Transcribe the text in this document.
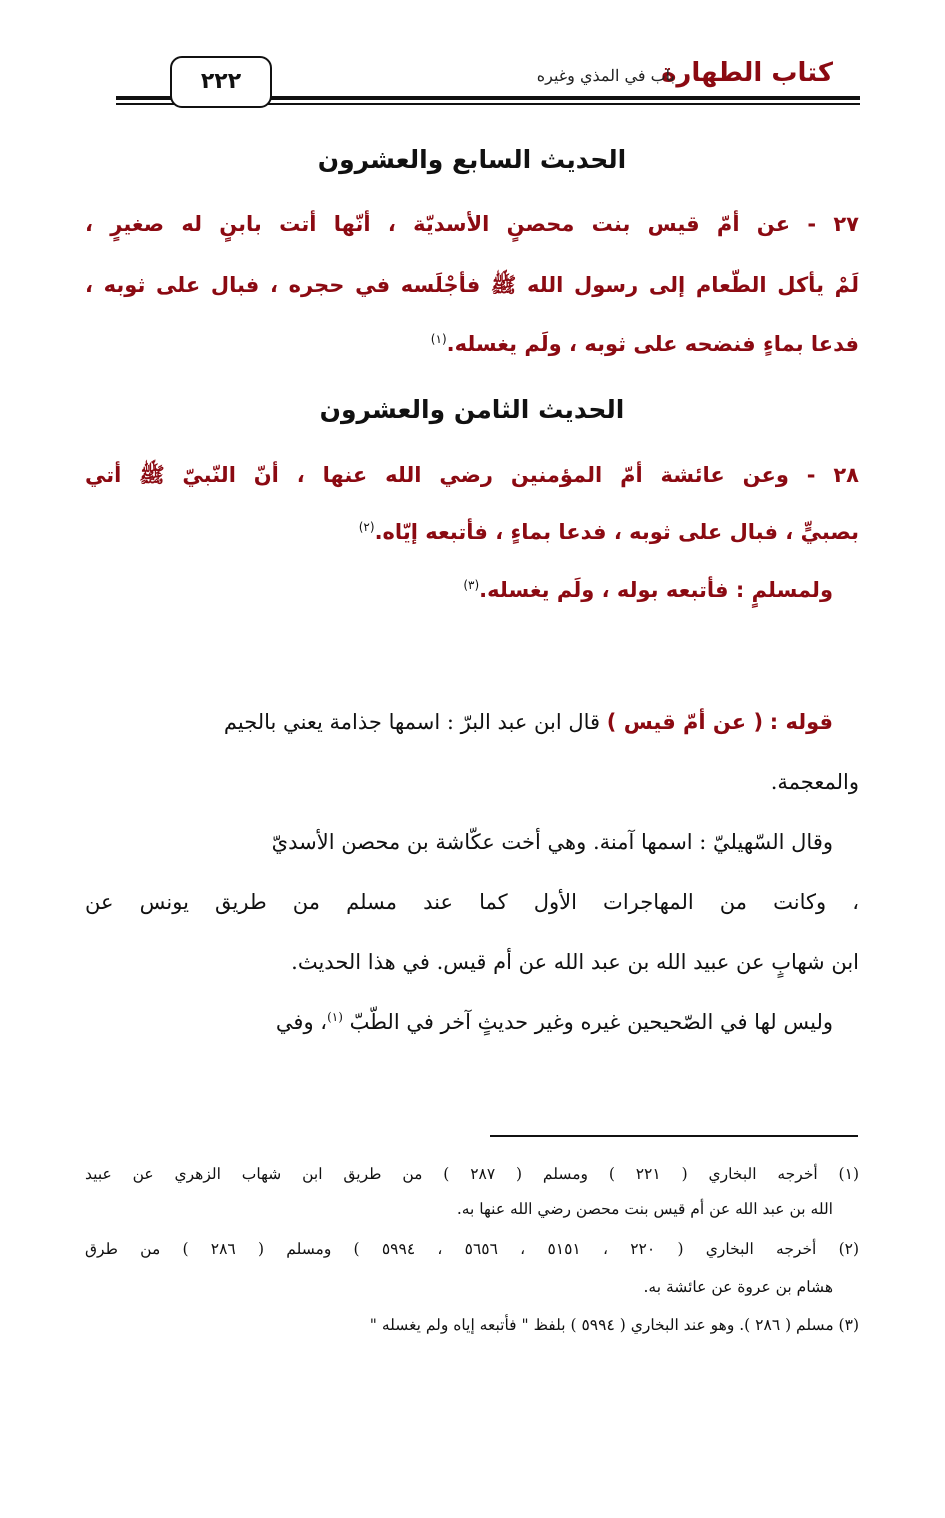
كتاب الطهارة
باب في المذي وغيره
٢٢٢
الحديث السابع والعشرون
٢٧ - عن أمّ قيس بنت محصنٍ الأسديّة ، أنّها أتت بابنٍ له صغيرٍ ،
لَمْ يأكل الطّعام إلى رسول الله ﷺ فأجْلَسه في حجره ، فبال على ثوبه ،
فدعا بماءٍ فنضحه على ثوبه ، ولَم يغسله.$^{(١)}$
الحديث الثامن والعشرون
٢٨ - وعن عائشة أمّ المؤمنين رضي الله عنها ، أنّ النّبيّ ﷺ أتي
بصبيٍّ ، فبال على ثوبه ، فدعا بماءٍ ، فأتبعه إيّاه.$^{(٢)}$
ولمسلمٍ : فأتبعه بوله ، ولَم يغسله.$^{(٣)}$
قوله : ( عن أمّ قيس ) قال ابن عبد البرّ : اسمها جذامة يعني بالجيم
والمعجمة.
وقال السّهيليّ : اسمها آمنة. وهي أخت عكّاشة بن محصن الأسديّ
، وكانت من المهاجرات الأول كما عند مسلم من طريق يونس عن
ابن شهابٍ عن عبيد الله بن عبد الله عن أم قيس. في هذا الحديث.
وليس لها في الصّحيحين غيره وغير حديثٍ آخر في الطّبّ $^{(١)}$، وفي
(١) أخرجه البخاري ( ٢٢١ ) ومسلم ( ٢٨٧ ) من طريق ابن شهاب الزهري عن عبيد
الله بن عبد الله عن أم قيس بنت محصن رضي الله عنها به.
(٢) أخرجه البخاري ( ٢٢٠ ، ٥١٥١ ، ٥٦٥٦ ، ٥٩٩٤ ) ومسلم ( ٢٨٦ ) من طرق
هشام بن عروة عن عائشة به.
(٣) مسلم ( ٢٨٦ ). وهو عند البخاري ( ٥٩٩٤ ) بلفظ " فأتبعه إياه ولم يغسله "
